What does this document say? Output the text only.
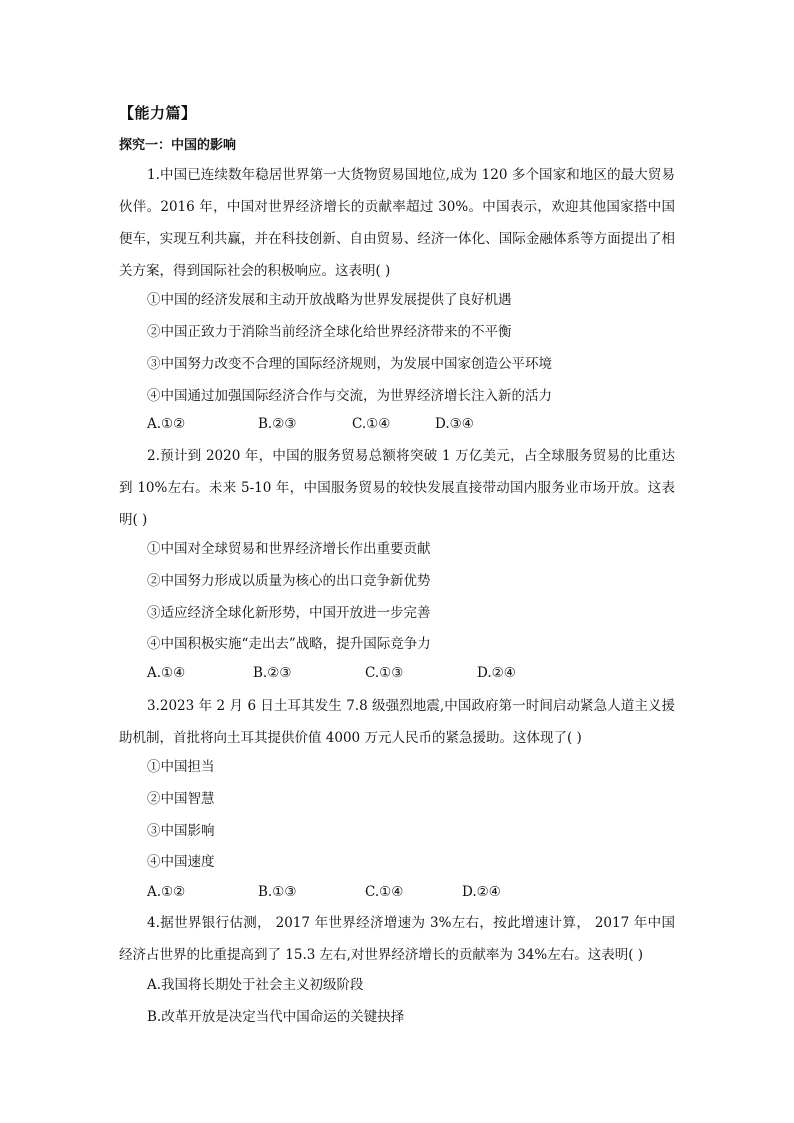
【能力篇】
探究一：中国的影响

1.中国已连续数年稳居世界第一大货物贸易国地位,成为 120 多个国家和地区的最大贸易伙伴。2016 年，中国对世界经济增长的贡献率超过 30%。中国表示，欢迎其他国家搭中国便车，实现互利共赢，并在科技创新、自由贸易、经济一体化、国际金融体系等方面提出了相关方案，得到国际社会的积极响应。这表明( )

①中国的经济发展和主动开放战略为世界发展提供了良好机遇
②中国正致力于消除当前经济全球化给世界经济带来的不平衡
③中国努力改变不合理的国际经济规则，为发展中国家创造公平环境
④中国通过加强国际经济合作与交流，为世界经济增长注入新的活力
A.①②	B.②③	C.①④	D.③④

2.预计到 2020 年，中国的服务贸易总额将突破 1 万亿美元，占全球服务贸易的比重达到 10%左右。未来 5-10 年，中国服务贸易的较快发展直接带动国内服务业市场开放。这表明( )

①中国对全球贸易和世界经济增长作出重要贡献
②中国努力形成以质量为核心的出口竞争新优势
③适应经济全球化新形势，中国开放进一步完善
④中国积极实施“走出去”战略，提升国际竞争力
A.①④	B.②③	C.①③	D.②④

3.2023 年 2 月 6 日土耳其发生 7.8 级强烈地震,中国政府第一时间启动紧急人道主义援助机制，首批将向土耳其提供价值 4000 万元人民币的紧急援助。这体现了( )

①中国担当
②中国智慧
③中国影响
④中国速度
A.①②	B.①③	C.①④	D.②④

4.据世界银行估测， 2017 年世界经济增速为 3%左右，按此增速计算， 2017 年中国经济占世界的比重提高到了 15.3 左右,对世界经济增长的贡献率为 34%左右。这表明( )

A.我国将长期处于社会主义初级阶段
B.改革开放是决定当代中国命运的关键抉择
